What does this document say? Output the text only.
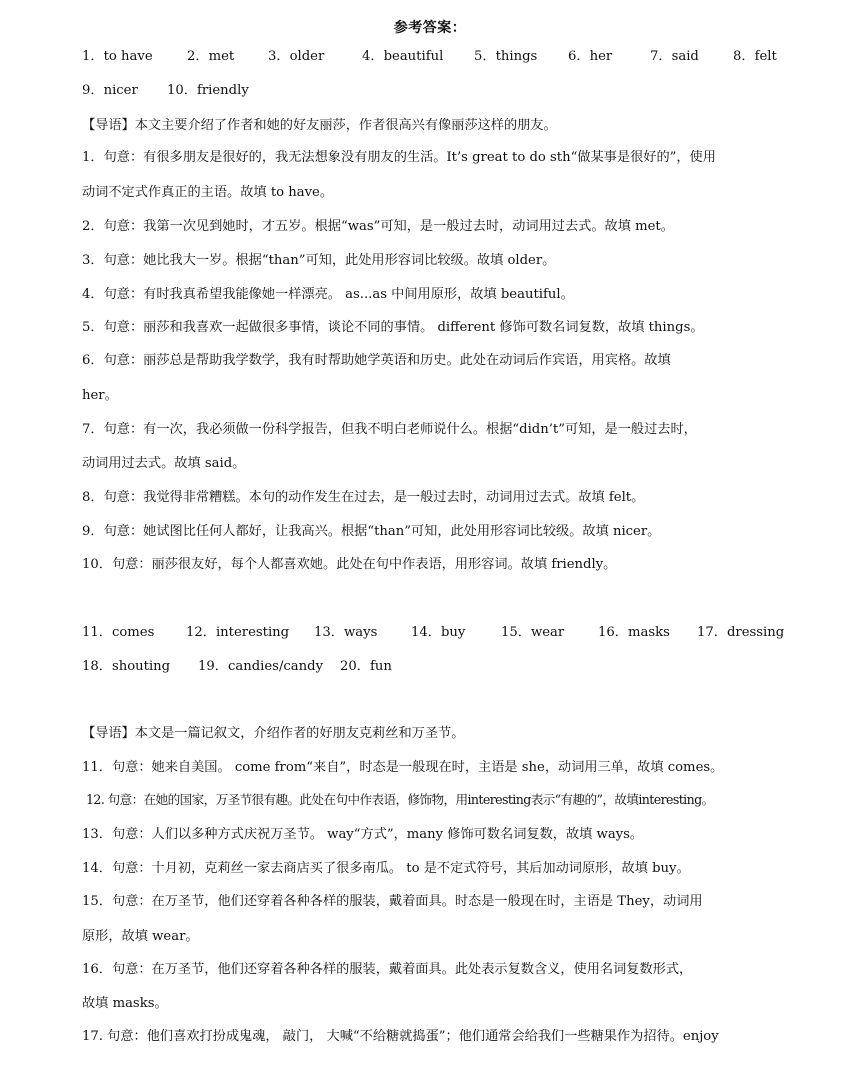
参考答案：
1．to have	2．met	3．older	4．beautiful 5．things 6．her	7．said	8．felt
9．nicer 10．friendly
【导语】本文主要介绍了作者和她的好友丽莎，作者很高兴有像丽莎这样的朋友。
1．句意：有很多朋友是很好的，我无法想象没有朋友的生活。It’s great to do sth“做某事是很好的”，使用
动词不定式作真正的主语。故填 to have。
2．句意：我第一次见到她时，才五岁。根据“was”可知，是一般过去时，动词用过去式。故填 met。
3．句意：她比我大一岁。根据“than”可知，此处用形容词比较级。故填 older。
4．句意：有时我真希望我能像她一样漂亮。 as...as 中间用原形，故填 beautiful。
5．句意：丽莎和我喜欢一起做很多事情，谈论不同的事情。 different 修饰可数名词复数，故填 things。
6．句意：丽莎总是帮助我学数学，我有时帮助她学英语和历史。此处在动词后作宾语，用宾格。故填
her。
7．句意：有一次，我必须做一份科学报告，但我不明白老师说什么。根据“didn’t”可知，是一般过去时，
动词用过去式。故填 said。
8．句意：我觉得非常糟糕。本句的动作发生在过去，是一般过去时，动词用过去式。故填 felt。
9．句意：她试图比任何人都好，让我高兴。根据“than”可知，此处用形容词比较级。故填 nicer。
10．句意：丽莎很友好，每个人都喜欢她。此处在句中作表语，用形容词。故填 friendly。
11．comes 12．interesting 13．ways	14．buy	15．wear	16．masks 17．dressing
18．shouting 19．candies/candy 20．fun
【导语】本文是一篇记叙文，介绍作者的好朋友克莉丝和万圣节。
11．句意：她来自美国。 come from“来自”，时态是一般现在时，主语是 she，动词用三单，故填 comes。
12. 句意：在她的国家，万圣节很有趣。此处在句中作表语，修饰物，用interesting表示“有趣的”，故填interesting。
13．句意：人们以多种方式庆祝万圣节。 way“方式”，many 修饰可数名词复数，故填 ways。
14．句意：十月初，克莉丝一家去商店买了很多南瓜。 to 是不定式符号，其后加动词原形，故填 buy。
15．句意：在万圣节，他们还穿着各种各样的服装，戴着面具。时态是一般现在时，主语是 They，动词用
原形，故填 wear。
16．句意：在万圣节，他们还穿着各种各样的服装，戴着面具。此处表示复数含义，使用名词复数形式，
故填 masks。
17. 句意：他们喜欢打扮成鬼魂， 敲门， 大喊“不给糖就捣蛋”；他们通常会给我们一些糖果作为招待。enjoy
